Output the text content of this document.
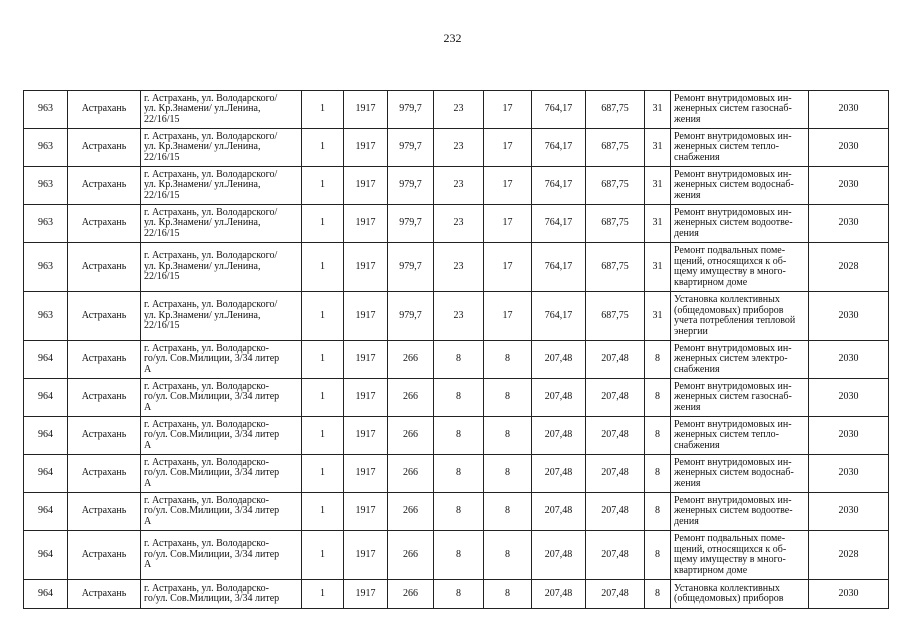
232
963	Астрахань	г. Астрахань, ул. Володарского/
ул. Кр.Знамени/ ул.Ленина,
22/16/15	1	1917	979,7	23	17	764,17	687,75	31	Ремонт внутридомовых ин-
женерных систем газоснаб-
жения	2030
963	Астрахань	г. Астрахань, ул. Володарского/
ул. Кр.Знамени/ ул.Ленина,
22/16/15	1	1917	979,7	23	17	764,17	687,75	31	Ремонт внутридомовых ин-
женерных систем тепло-
снабжения	2030
963	Астрахань	г. Астрахань, ул. Володарского/
ул. Кр.Знамени/ ул.Ленина,
22/16/15	1	1917	979,7	23	17	764,17	687,75	31	Ремонт внутридомовых ин-
женерных систем водоснаб-
жения	2030
963	Астрахань	г. Астрахань, ул. Володарского/
ул. Кр.Знамени/ ул.Ленина,
22/16/15	1	1917	979,7	23	17	764,17	687,75	31	Ремонт внутридомовых ин-
женерных систем водоотве-
дения	2030
963	Астрахань	г. Астрахань, ул. Володарского/
ул. Кр.Знамени/ ул.Ленина,
22/16/15	1	1917	979,7	23	17	764,17	687,75	31	Ремонт подвальных поме-
щений, относящихся к об-
щему имуществу в много-
квартирном доме	2028
963	Астрахань	г. Астрахань, ул. Володарского/
ул. Кр.Знамени/ ул.Ленина,
22/16/15	1	1917	979,7	23	17	764,17	687,75	31	Установка коллективных
(общедомовых) приборов
учета потребления тепловой
энергии	2030
964	Астрахань	г. Астрахань, ул. Володарско-
го/ул. Сов.Милиции, 3/34 литер
А	1	1917	266	8	8	207,48	207,48	8	Ремонт внутридомовых ин-
женерных систем электро-
снабжения	2030
964	Астрахань	г. Астрахань, ул. Володарско-
го/ул. Сов.Милиции, 3/34 литер
А	1	1917	266	8	8	207,48	207,48	8	Ремонт внутридомовых ин-
женерных систем газоснаб-
жения	2030
964	Астрахань	г. Астрахань, ул. Володарско-
го/ул. Сов.Милиции, 3/34 литер
А	1	1917	266	8	8	207,48	207,48	8	Ремонт внутридомовых ин-
женерных систем тепло-
снабжения	2030
964	Астрахань	г. Астрахань, ул. Володарско-
го/ул. Сов.Милиции, 3/34 литер
А	1	1917	266	8	8	207,48	207,48	8	Ремонт внутридомовых ин-
женерных систем водоснаб-
жения	2030
964	Астрахань	г. Астрахань, ул. Володарско-
го/ул. Сов.Милиции, 3/34 литер
А	1	1917	266	8	8	207,48	207,48	8	Ремонт внутридомовых ин-
женерных систем водоотве-
дения	2030
964	Астрахань	г. Астрахань, ул. Володарско-
го/ул. Сов.Милиции, 3/34 литер
А	1	1917	266	8	8	207,48	207,48	8	Ремонт подвальных поме-
щений, относящихся к об-
щему имуществу в много-
квартирном доме	2028
964	Астрахань	г. Астрахань, ул. Володарско-
го/ул. Сов.Милиции, 3/34 литер	1	1917	266	8	8	207,48	207,48	8	Установка коллективных
(общедомовых) приборов	2030
